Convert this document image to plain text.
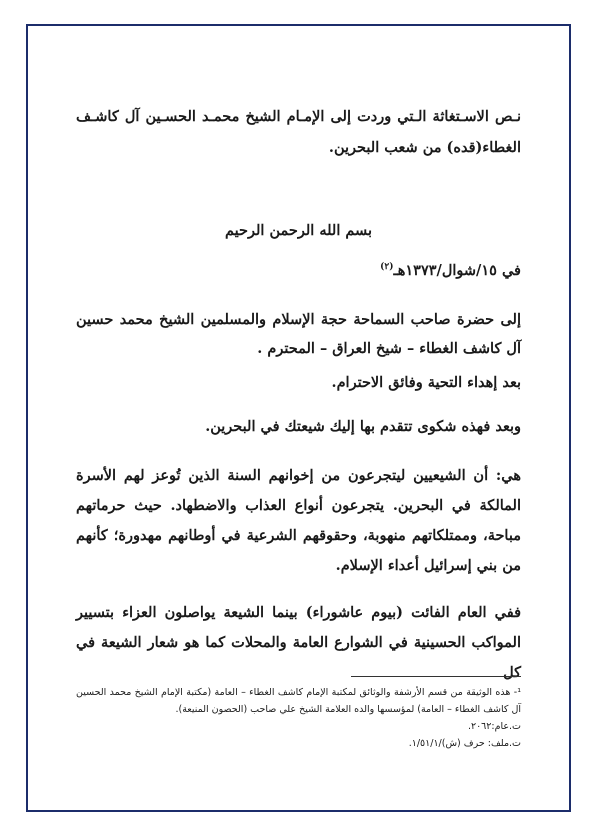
نـص الاسـتغاثة الـتي وردت إلى الإمـام الشيخ محمـد الحسـين آل كاشـف الغطاء(قده) من شعب البحرين.
بسم الله الرحمن الرحيم
في ١٥/شوال/١٣٧٣هـ$^{(٢)}$
إلى حضرة صاحب السماحة حجة الإسلام والمسلمين الشيخ محمد حسين آل كاشف الغطاء – شيخ العراق – المحترم .
بعد إهداء التحية وفائق الاحترام.
وبعد فهذه شكوى تتقدم بها إليك شيعتك في البحرين.
هي: أن الشيعيين ليتجرعون من إخوانهم السنة الذين تُوعز لهم الأسرة المالكة في البحرين. يتجرعون أنواع العذاب والاضطهاد. حيث حرماتهم مباحة، وممتلكاتهم منهوبة، وحقوقهم الشرعية في أوطانهم مهدورة؛ كأنهم من بني إسرائيل أعداء الإسلام.
ففي العام الفائت (بيوم عاشوراء) بينما الشيعة يواصلون العزاء بتسيير المواكب الحسينية في الشوارع العامة والمحلات كما هو شعار الشيعة في كل
¹- هذه الوثيقة من قسم الأرشفة والوثائق لمكتبة الإمام كاشف الغطاء – العامة (مكتبة الإمام الشيخ محمد الحسين آل كاشف الغطاء – العامة) لمؤسسها والده العلامة الشيخ علي صاحب (الحصون المنيعة).
ت.عام:٢٠٦٢.
ت.ملف: حرف (ش)/١/٥١/١.
